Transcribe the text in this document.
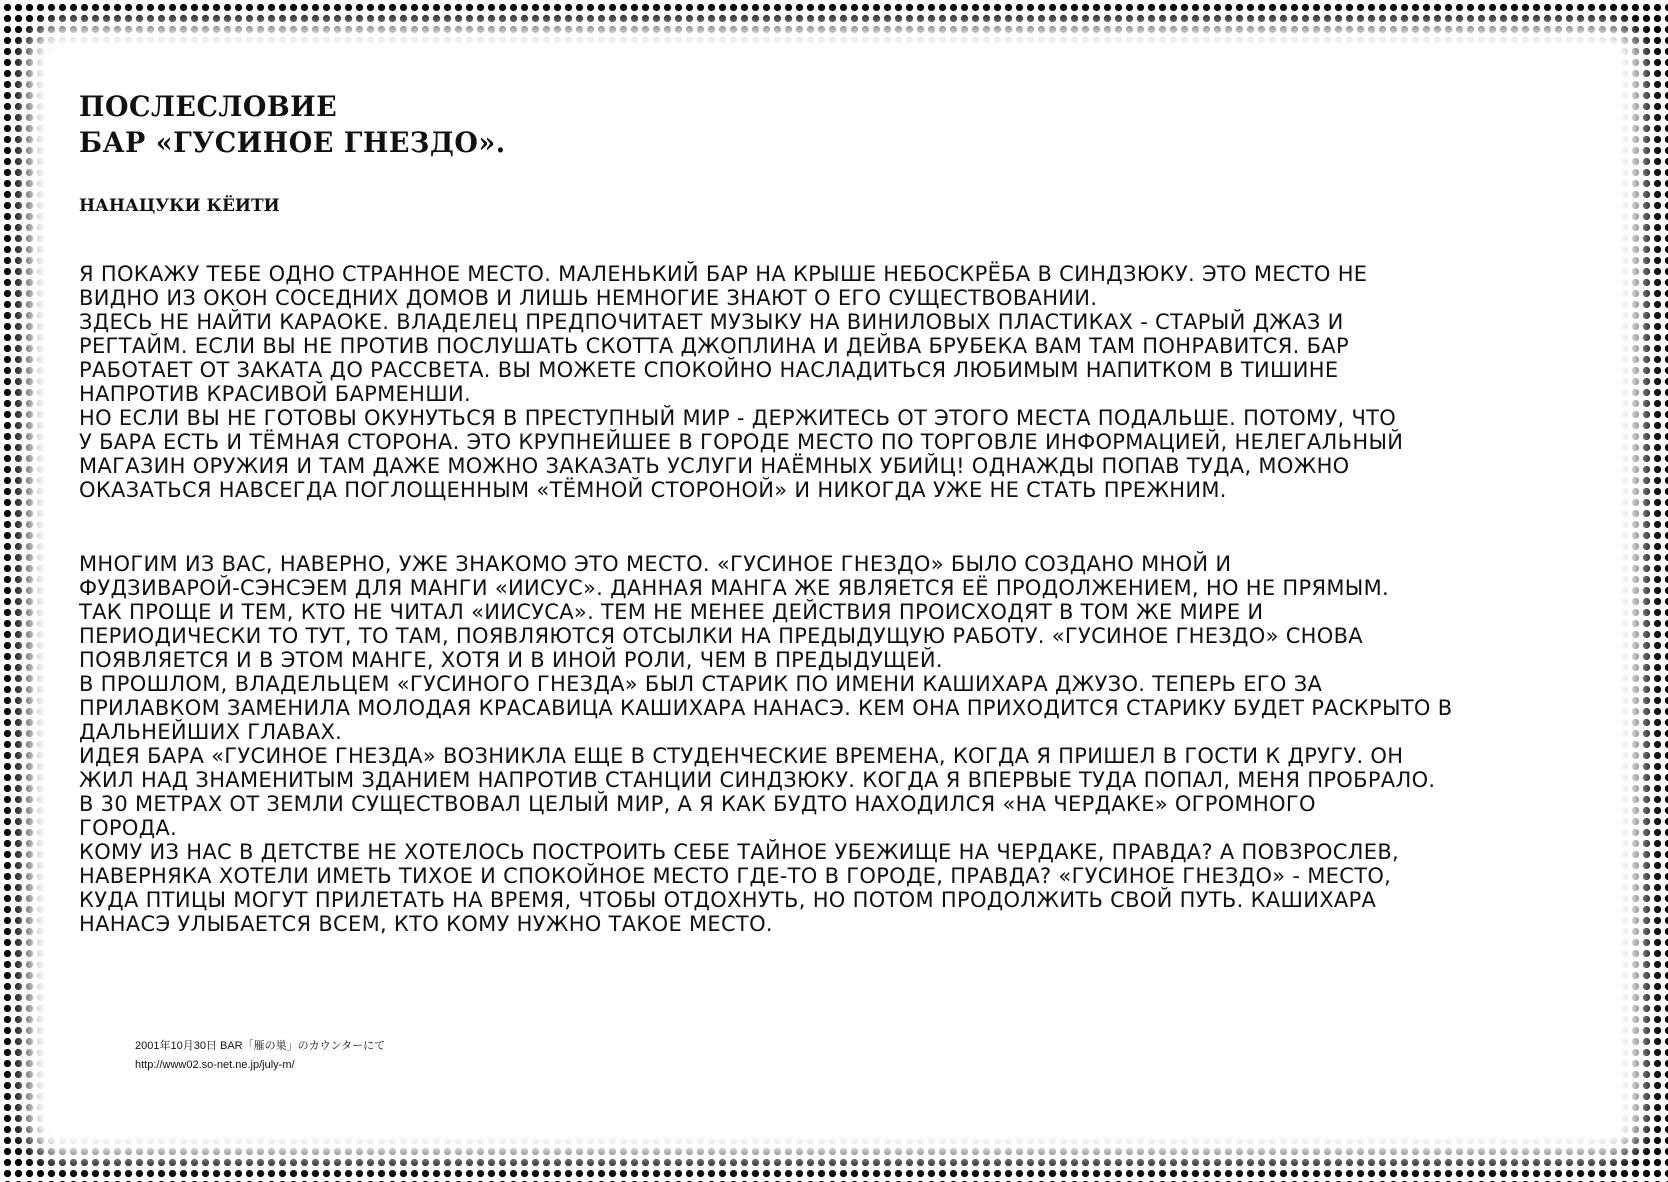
ПОСЛЕСЛОВИЕ
БАР «ГУСИНОЕ ГНЕЗДО».
НАНАЦУКИ КЁИТИ
Я ПОКАЖУ ТЕБЕ ОДНО СТРАННОЕ МЕСТО. МАЛЕНЬКИЙ БАР НА КРЫШЕ НЕБОСКРЁБА В СИНДЗЮКУ. ЭТО МЕСТО НЕ
ВИДНО ИЗ ОКОН СОСЕДНИХ ДОМОВ И ЛИШЬ НЕМНОГИЕ ЗНАЮТ О ЕГО СУЩЕСТВОВАНИИ.
ЗДЕСЬ НЕ НАЙТИ КАРАОКЕ. ВЛАДЕЛЕЦ ПРЕДПОЧИТАЕТ МУЗЫКУ НА ВИНИЛОВЫХ ПЛАСТИКАХ - СТАРЫЙ ДЖАЗ И
РЕГТАЙМ. ЕСЛИ ВЫ НЕ ПРОТИВ ПОСЛУШАТЬ СКОТТА ДЖОПЛИНА И ДЕЙВА БРУБЕКА ВАМ ТАМ ПОНРАВИТСЯ. БАР
РАБОТАЕТ ОТ ЗАКАТА ДО РАССВЕТА. ВЫ МОЖЕТЕ СПОКОЙНО НАСЛАДИТЬСЯ ЛЮБИМЫМ НАПИТКОМ В ТИШИНЕ
НАПРОТИВ КРАСИВОЙ БАРМЕНШИ.
НО ЕСЛИ ВЫ НЕ ГОТОВЫ ОКУНУТЬСЯ В ПРЕСТУПНЫЙ МИР - ДЕРЖИТЕСЬ ОТ ЭТОГО МЕСТА ПОДАЛЬШЕ. ПОТОМУ, ЧТО
У БАРА ЕСТЬ И ТЁМНАЯ СТОРОНА. ЭТО КРУПНЕЙШЕЕ В ГОРОДЕ МЕСТО ПО ТОРГОВЛЕ ИНФОРМАЦИЕЙ, НЕЛЕГАЛЬНЫЙ
МАГАЗИН ОРУЖИЯ И ТАМ ДАЖЕ МОЖНО ЗАКАЗАТЬ УСЛУГИ НАЁМНЫХ УБИЙЦ! ОДНАЖДЫ ПОПАВ ТУДА, МОЖНО
ОКАЗАТЬСЯ НАВСЕГДА ПОГЛОЩЕННЫМ «ТЁМНОЙ СТОРОНОЙ» И НИКОГДА УЖЕ НЕ СТАТЬ ПРЕЖНИМ.
МНОГИМ ИЗ ВАС, НАВЕРНО, УЖЕ ЗНАКОМО ЭТО МЕСТО. «ГУСИНОЕ ГНЕЗДО» БЫЛО СОЗДАНО МНОЙ И
ФУДЗИВАРОЙ-СЭНСЭЕМ ДЛЯ МАНГИ «ИИСУС». ДАННАЯ МАНГА ЖЕ ЯВЛЯЕТСЯ ЕЁ ПРОДОЛЖЕНИЕМ, НО НЕ ПРЯМЫМ.
ТАК ПРОЩЕ И ТЕМ, КТО НЕ ЧИТАЛ «ИИСУСА». ТЕМ НЕ МЕНЕЕ ДЕЙСТВИЯ ПРОИСХОДЯТ В ТОМ ЖЕ МИРЕ И
ПЕРИОДИЧЕСКИ ТО ТУТ, ТО ТАМ, ПОЯВЛЯЮТСЯ ОТСЫЛКИ НА ПРЕДЫДУЩУЮ РАБОТУ. «ГУСИНОЕ ГНЕЗДО» СНОВА
ПОЯВЛЯЕТСЯ И В ЭТОМ МАНГЕ, ХОТЯ И В ИНОЙ РОЛИ, ЧЕМ В ПРЕДЫДУЩЕЙ.
В ПРОШЛОМ, ВЛАДЕЛЬЦЕМ «ГУСИНОГО ГНЕЗДА» БЫЛ СТАРИК ПО ИМЕНИ КАШИХАРА ДЖУЗО. ТЕПЕРЬ ЕГО ЗА
ПРИЛАВКОМ ЗАМЕНИЛА МОЛОДАЯ КРАСАВИЦА КАШИХАРА НАНАСЭ. КЕМ ОНА ПРИХОДИТСЯ СТАРИКУ БУДЕТ РАСКРЫТО В
ДАЛЬНЕЙШИХ ГЛАВАХ.
ИДЕЯ БАРА «ГУСИНОЕ ГНЕЗДА» ВОЗНИКЛА ЕЩЕ В СТУДЕНЧЕСКИЕ ВРЕМЕНА, КОГДА Я ПРИШЕЛ В ГОСТИ К ДРУГУ. ОН
ЖИЛ НАД ЗНАМЕНИТЫМ ЗДАНИЕМ НАПРОТИВ СТАНЦИИ СИНДЗЮКУ. КОГДА Я ВПЕРВЫЕ ТУДА ПОПАЛ, МЕНЯ ПРОБРАЛО.
В 30 МЕТРАХ ОТ ЗЕМЛИ СУЩЕСТВОВАЛ ЦЕЛЫЙ МИР, А Я КАК БУДТО НАХОДИЛСЯ «НА ЧЕРДАКЕ» ОГРОМНОГО
ГОРОДА.
КОМУ ИЗ НАС В ДЕТСТВЕ НЕ ХОТЕЛОСЬ ПОСТРОИТЬ СЕБЕ ТАЙНОЕ УБЕЖИЩЕ НА ЧЕРДАКЕ, ПРАВДА? А ПОВЗРОСЛЕВ,
НАВЕРНЯКА ХОТЕЛИ ИМЕТЬ ТИХОЕ И СПОКОЙНОЕ МЕСТО ГДЕ-ТО В ГОРОДЕ, ПРАВДА? «ГУСИНОЕ ГНЕЗДО» - МЕСТО,
КУДА ПТИЦЫ МОГУТ ПРИЛЕТАТЬ НА ВРЕМЯ, ЧТОБЫ ОТДОХНУТЬ, НО ПОТОМ ПРОДОЛЖИТЬ СВОЙ ПУТЬ. КАШИХАРА
НАНАСЭ УЛЫБАЕТСЯ ВСЕМ, КТО КОМУ НУЖНО ТАКОЕ МЕСТО.
2001年10月30日 BAR「雁の巣」のカウンターにて
http://www02.so-net.ne.jp/july-m/
